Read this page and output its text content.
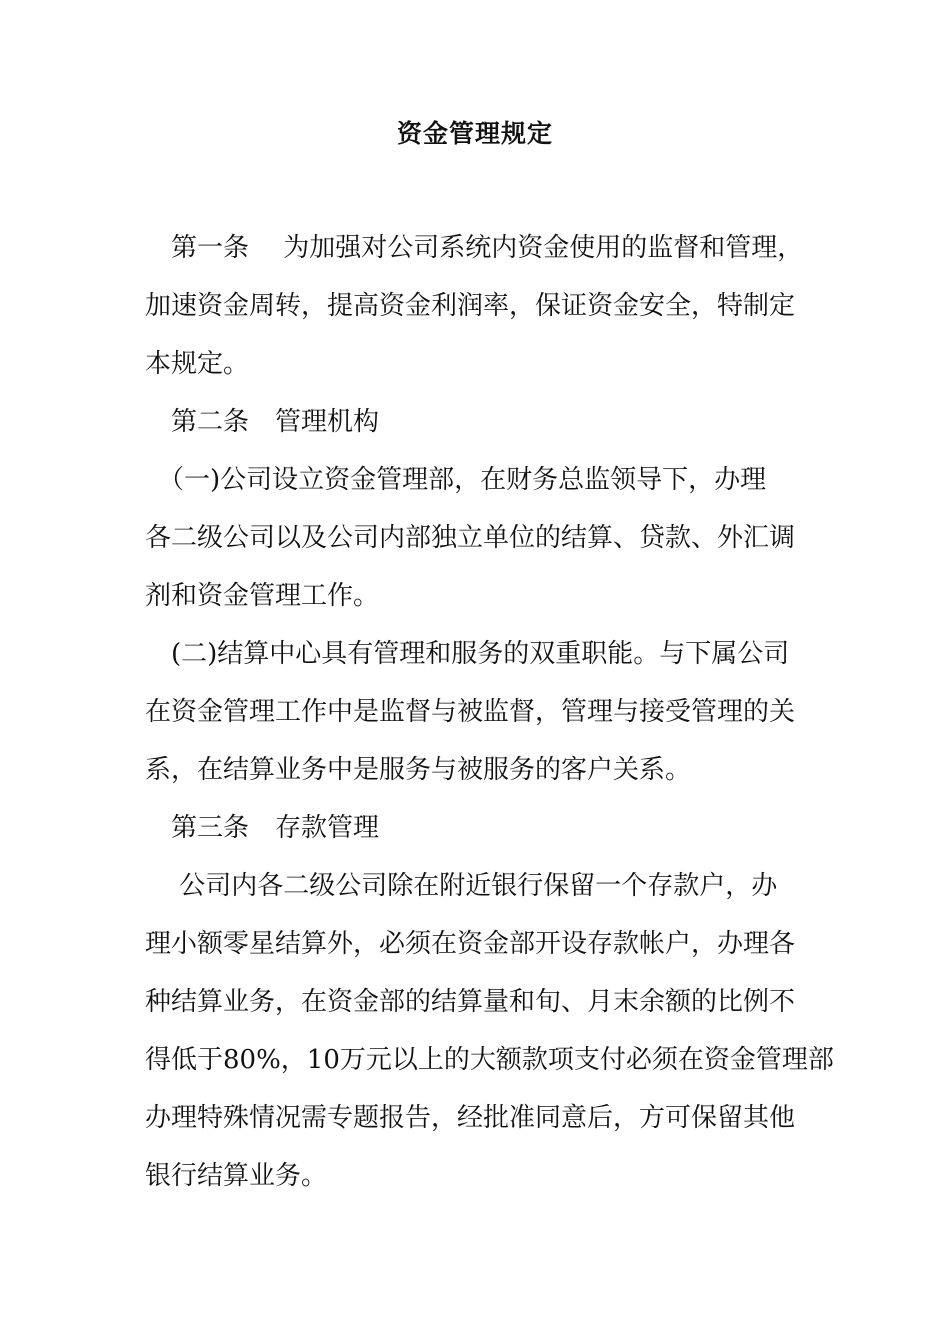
资金管理规定

　第一条　 为加强对公司系统内资金使用的监督和管理，

加速资金周转，提高资金利润率，保证资金安全，特制定

本规定。

　第二条　管理机构

　（一)公司设立资金管理部，在财务总监领导下，办理

各二级公司以及公司内部独立单位的结算、贷款、外汇调

剂和资金管理工作。

　(二)结算中心具有管理和服务的双重职能。与下属公司

在资金管理工作中是监督与被监督，管理与接受管理的关

系，在结算业务中是服务与被服务的客户关系。

　第三条　存款管理

　 公司内各二级公司除在附近银行保留一个存款户，办

理小额零星结算外，必须在资金部开设存款帐户，办理各

种结算业务，在资金部的结算量和旬、月末余额的比例不

得低于80%，10万元以上的大额款项支付必须在资金管理部

办理特殊情况需专题报告，经批准同意后，方可保留其他

银行结算业务。
